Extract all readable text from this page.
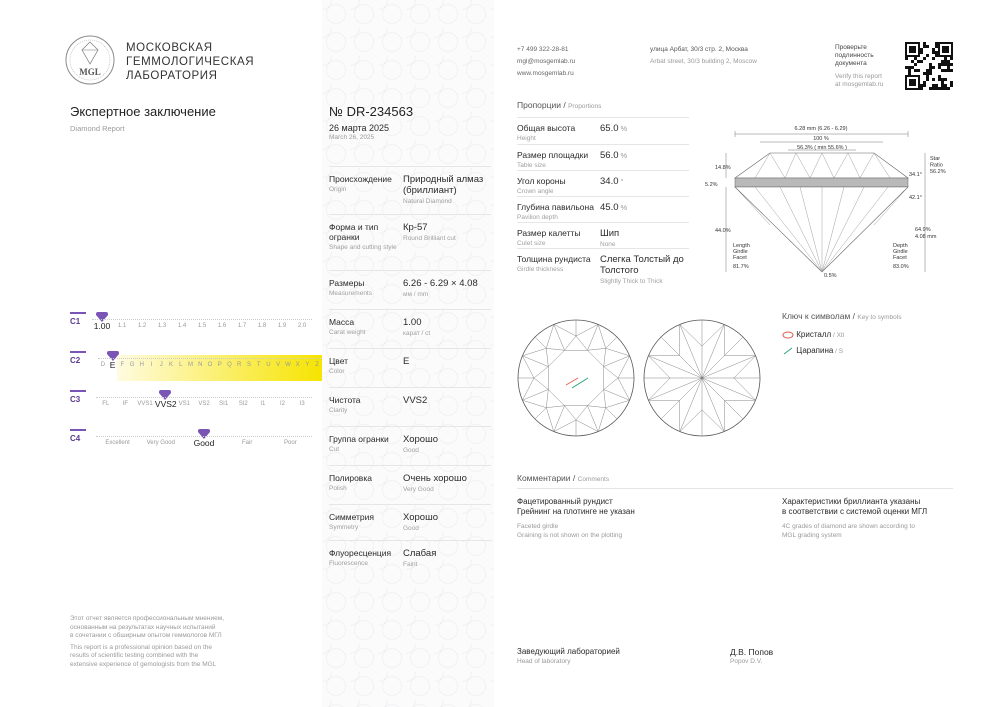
MGL
МОСКОВСКАЯ
ГЕММОЛОГИЧЕСКАЯ
ЛАБОРАТОРИЯ
Экспертное заключение
Diamond Report
№ DR-234563
26 марта 2025
March 26, 2025
+7 499 322-28-81
mgl@mosgemlab.ru
www.mosgemlab.ru
улица Арбат, 30/3 стр. 2, Москва
Arbat street, 30/3 building 2, Moscow
Проверьте
подлинность
документа
Verify this report
at mosgemlab.ru
C1 1.00	1.1	1.2	1.3	1.4	1.5	1.6	1.7	1.8	1.9	2.0
C2	D E F G H	I	J	K	L M N O P Q R S T U V W X Y Z
C3	FL	IF	VVS1 VVS2 VS1	VS2	SI1	SI2	I1	I2	I3
C4	Excellent	Very Good	Good	Fair	Poor
Происхождение
Origin
Природный алмаз (бриллиант)
Natural Diamond
Форма и тип огранки
Shape and cutting style
Кр-57
Round Brilliant cut
Размеры
Measurements
6.26 - 6.29 × 4.08
мм / mm
Масса
Carat weight
1.00
карат / ct
Цвет
Color
E
Чистота
Clarity
VVS2
Группа огранки
Cut
Хорошо
Good
Полировка
Polish
Очень хорошо
Very Good
Симметрия
Symmetry
Хорошо
Good
Флуоресценция
Fluorescence
Слабая
Faint
Пропорции / Proportions
Общая высота
Height
65.0 %
Размер площадки
Table size
56.0 %
Угол короны
Crown angle
34.0 °
Глубина павильона
Pavilion depth
45.0 %
Размер калетты
Culet size
Шип
None
Толщина рундиста
Girdle thickness
Слегка Толстый до Толстого
Slightly Thick to Thick
6.28 mm (6.26 - 6.29)
100 %
56.3% ( min 55.6% )
14.8%
5.2%
44.0%
34.1°
42.1°
Star Ratio
56.2%
64.9%
4.08 mm
Length Girdle Facet
81.7%
Depth Girdle Facet
83.0%
0.5%
Ключ к символам / Key to symbols
Кристалл / Xtl
Царапина / S
Комментарии / Comments
Фацетированный рундист
Грейнинг на плотинге не указан
Faceted girdle
Graining is not shown on the plotting
Характеристики бриллианта указаны
в соответствии с системой оценки МГЛ
4C grades of diamond are shown according to
MGL grading system
Этот отчет является профессиональным мнением,
основанным на результатах научных испытаний
в сочетании с обширным опытом геммологов МГЛ
This report is a professional opinion based on the
results of scientific testing combined with the
extensive experience of gemologists from the MGL
Заведующий лабораторией
Head of laboratory
Д.В. Попов
Popov D.V.
